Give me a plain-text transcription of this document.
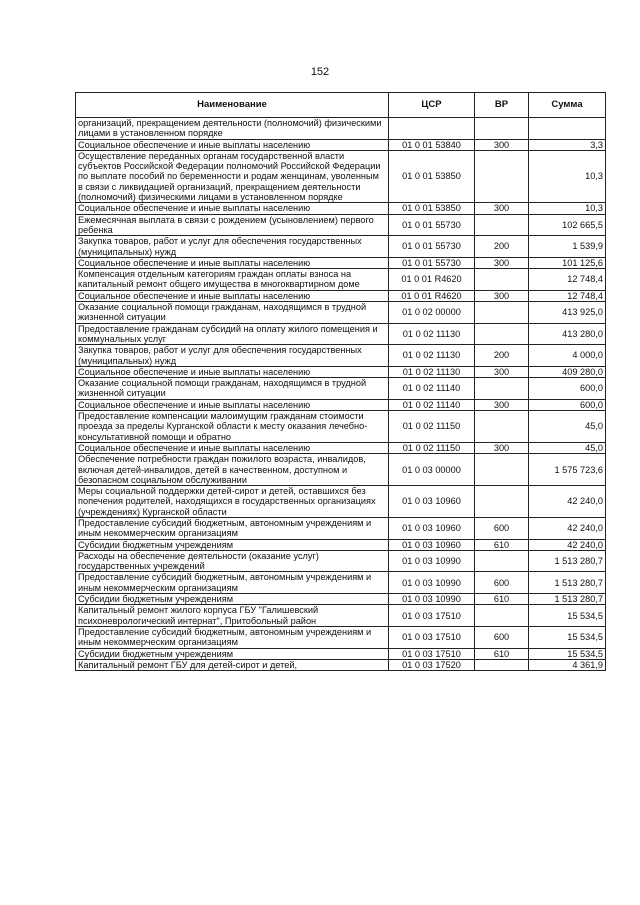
152
Наименование	ЦСР	ВР	Сумма
организаций, прекращением деятельности (полномочий) физическими лицами в установленном порядке			
Социальное обеспечение и иные выплаты населению	01 0 01 53840	300	3,3
Осуществление переданных органам государственной власти субъектов Российской Федерации полномочий Российской Федерации по выплате пособий по беременности и родам женщинам, уволенным в связи с ликвидацией организаций, прекращением деятельности (полномочий) физическими лицами в установленном порядке	01 0 01 53850		10,3
Социальное обеспечение и иные выплаты населению	01 0 01 53850	300	10,3
Ежемесячная выплата в связи с рождением (усыновлением) первого ребенка	01 0 01 55730		102 665,5
Закупка товаров, работ и услуг для обеспечения государственных (муниципальных) нужд	01 0 01 55730	200	1 539,9
Социальное обеспечение и иные выплаты населению	01 0 01 55730	300	101 125,6
Компенсация отдельным категориям граждан оплаты взноса на капитальный ремонт общего имущества в многоквартирном доме	01 0 01 R4620		12 748,4
Социальное обеспечение и иные выплаты населению	01 0 01 R4620	300	12 748,4
Оказание социальной помощи гражданам, находящимся в трудной жизненной ситуации	01 0 02 00000		413 925,0
Предоставление гражданам субсидий на оплату жилого помещения и коммунальных услуг	01 0 02 11130		413 280,0
Закупка товаров, работ и услуг для обеспечения государственных (муниципальных) нужд	01 0 02 11130	200	4 000,0
Социальное обеспечение и иные выплаты населению	01 0 02 11130	300	409 280,0
Оказание социальной помощи гражданам, находящимся в трудной жизненной ситуации	01 0 02 11140		600,0
Социальное обеспечение и иные выплаты населению	01 0 02 11140	300	600,0
Предоставление компенсации малоимущим гражданам стоимости проезда за пределы Курганской области к месту оказания лечебно-консультативной помощи и обратно	01 0 02 11150		45,0
Социальное обеспечение и иные выплаты населению	01 0 02 11150	300	45,0
Обеспечение потребности граждан пожилого возраста, инвалидов, включая детей-инвалидов, детей в качественном, доступном и безопасном социальном обслуживании	01 0 03 00000		1 575 723,6
Меры социальной поддержки детей-сирот и детей, оставшихся без попечения родителей, находящихся в государственных организациях (учреждениях) Курганской области	01 0 03 10960		42 240,0
Предоставление субсидий бюджетным, автономным учреждениям и иным некоммерческим организациям	01 0 03 10960	600	42 240,0
Субсидии бюджетным учреждениям	01 0 03 10960	610	42 240,0
Расходы на обеспечение деятельности (оказание услуг) государственных учреждений	01 0 03 10990		1 513 280,7
Предоставление субсидий бюджетным, автономным учреждениям и иным некоммерческим организациям	01 0 03 10990	600	1 513 280,7
Субсидии бюджетным учреждениям	01 0 03 10990	610	1 513 280,7
Капитальный ремонт жилого корпуса ГБУ "Галишевский психоневрологический интернат", Притобольный район	01 0 03 17510		15 534,5
Предоставление субсидий бюджетным, автономным учреждениям и иным некоммерческим организациям	01 0 03 17510	600	15 534,5
Субсидии бюджетным учреждениям	01 0 03 17510	610	15 534,5
Капитальный ремонт ГБУ для детей-сирот и детей,	01 0 03 17520		4 361,9
